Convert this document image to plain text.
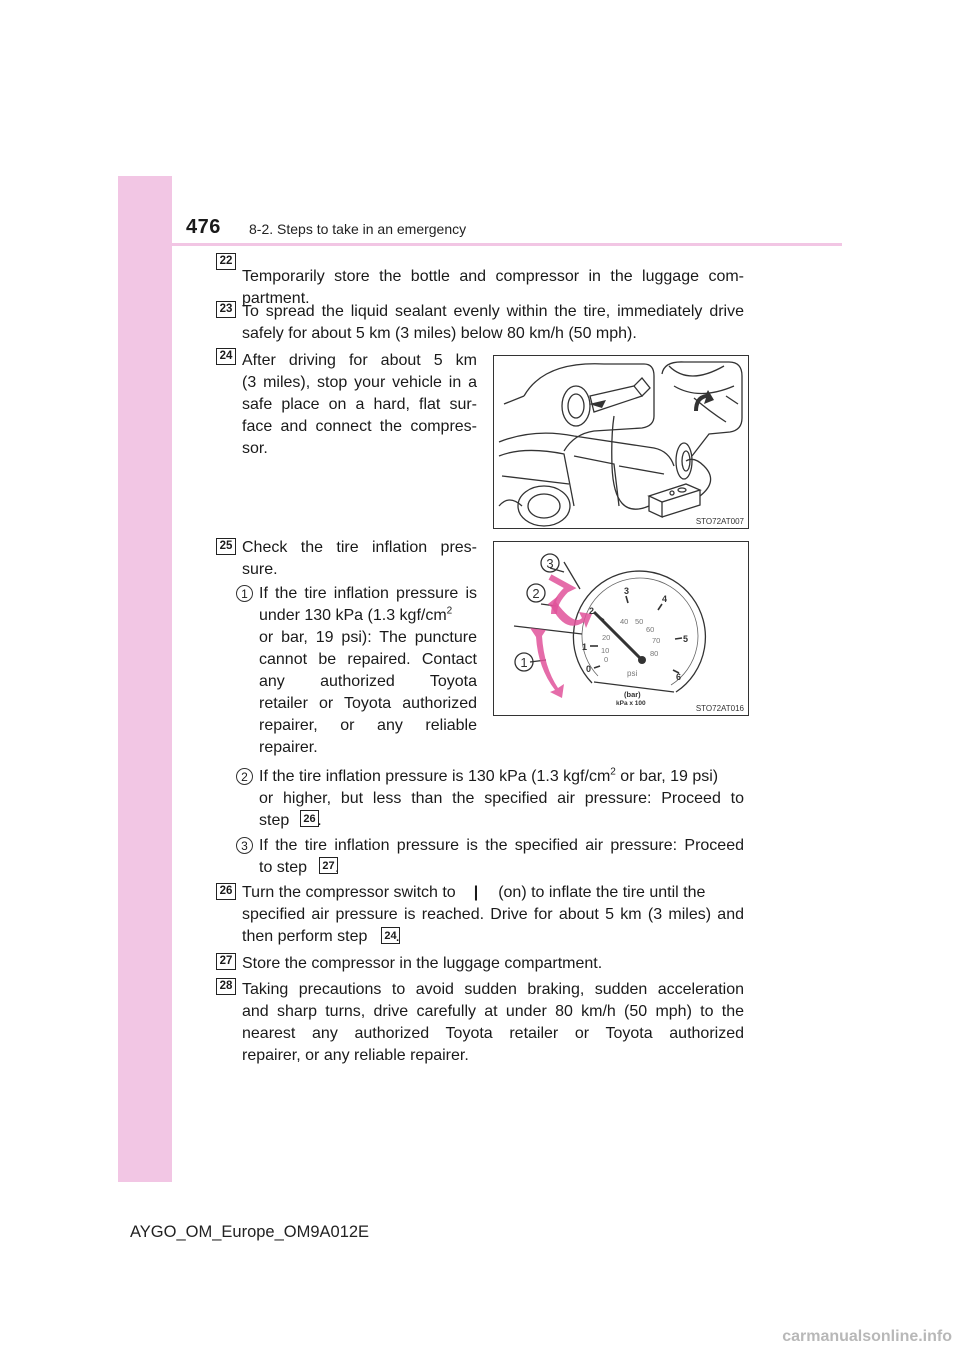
476 8-2. Steps to take in an emergency
22
Temporarily store the bottle and compressor in the luggage com-
partment.
23 To spread the liquid sealant evenly within the tire, immediately drive
safely for about 5 km (3 miles) below 80 km/h (50 mph).
24 After driving for about 5 km
(3 miles), stop your vehicle in a
safe place on a hard, flat sur-
face and connect the compres-
sor.
STO72AT007
25 Check the tire inflation pres-
sure.
1 If the tire inflation pressure is
under 130 kPa (1.3 kgf/$cm^2$
or bar, 19 psi): The puncture
cannot be repaired. Contact
any authorized Toyota
retailer or Toyota authorized
repairer, or any reliable
repairer.
3
2
1	0
1
2
3
4
5
6
0
10
20
40 50
60
70
80
psi
(bar)
kPa x 100
STO72AT016
2 If the tire inflation pressure is 130 kPa (1.3 kgf/$cm^2$ or bar, 19 psi)
or higher, but less than the specified air pressure: Proceed to
step .
26
3 If the tire inflation pressure is the specified air pressure: Proceed
to step .
27
26 Turn the compressor switch to | (on) to inflate the tire until the
specified air pressure is reached. Drive for about 5 km (3 miles) and
then perform step .
24
27 Store the compressor in the luggage compartment.
28 Taking precautions to avoid sudden braking, sudden acceleration
and sharp turns, drive carefully at under 80 km/h (50 mph) to the
nearest any authorized Toyota retailer or Toyota authorized
repairer, or any reliable repairer.
AYGO_OM_Europe_OM9A012E
carmanualsonline.info
